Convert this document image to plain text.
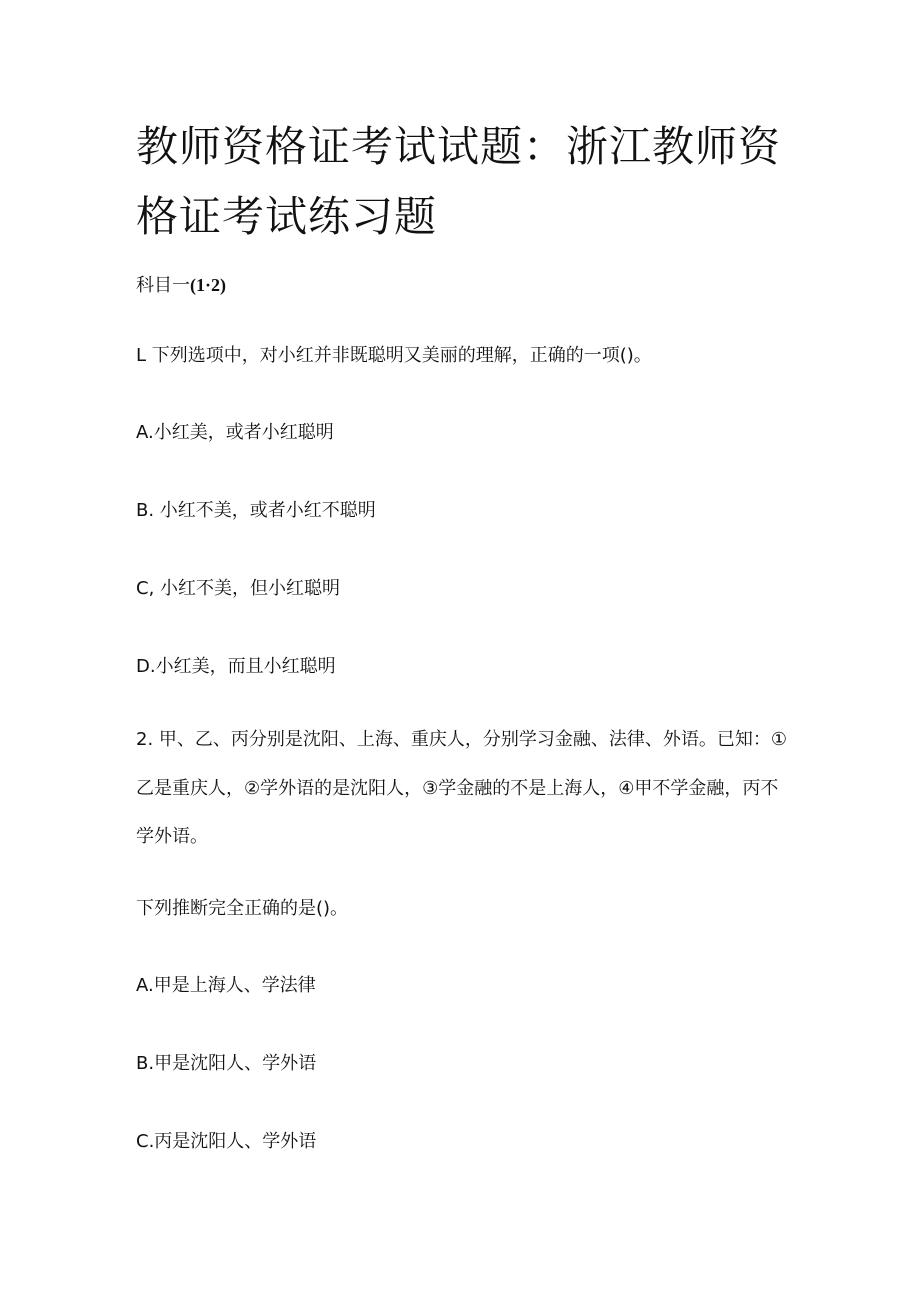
教师资格证考试试题：浙江教师资格证考试练习题
科目一(1·2)

L 下列选项中，对小红并非既聪明又美丽的理解，正确的一项()。

A.小红美，或者小红聪明

B. 小红不美，或者小红不聪明

C, 小红不美，但小红聪明

D.小红美，而且小红聪明

2. 甲、乙、丙分别是沈阳、上海、重庆人，分别学习金融、法律、外语。已知：①乙是重庆人，②学外语的是沈阳人，③学金融的不是上海人，④甲不学金融，丙不学外语。

下列推断完全正确的是()。

A.甲是上海人、学法律

B.甲是沈阳人、学外语

C.丙是沈阳人、学外语
